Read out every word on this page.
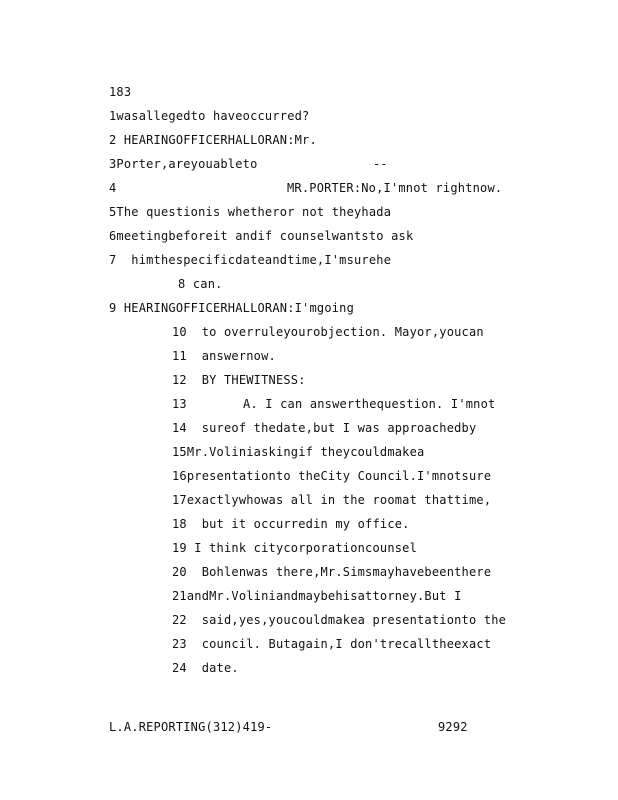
183
1wasallegedto haveoccurred?
2 HEARINGOFFICERHALLORAN:Mr.
3Porter,areyouableto	--
4	MR.PORTER:No,I'mnot rightnow.
5The questionis whetheror not theyhada
6meetingbeforeit andif counselwantsto ask
7  himthespecificdateandtime,I'msurehe
8 can.
9 HEARINGOFFICERHALLORAN:I'mgoing
10  to overruleyourobjection. Mayor,youcan
11  answernow.
12  BY THEWITNESS:
13	A. I can answerthequestion. I'mnot
14  sureof thedate,but I was approachedby
15Mr.Voliniaskingif theycouldmakea
16presentationto theCity Council.I'mnotsure
17exactlywhowas all in the roomat thattime,
18  but it occurredin my office.
19 I think citycorporationcounsel
20  Bohlenwas there,Mr.Simsmayhavebeenthere
21andMr.Voliniandmaybehisattorney.But I
22  said,yes,youcouldmakea presentationto the
23  council. Butagain,I don'trecalltheexact
24  date.
L.A.REPORTING(312)419-	9292
